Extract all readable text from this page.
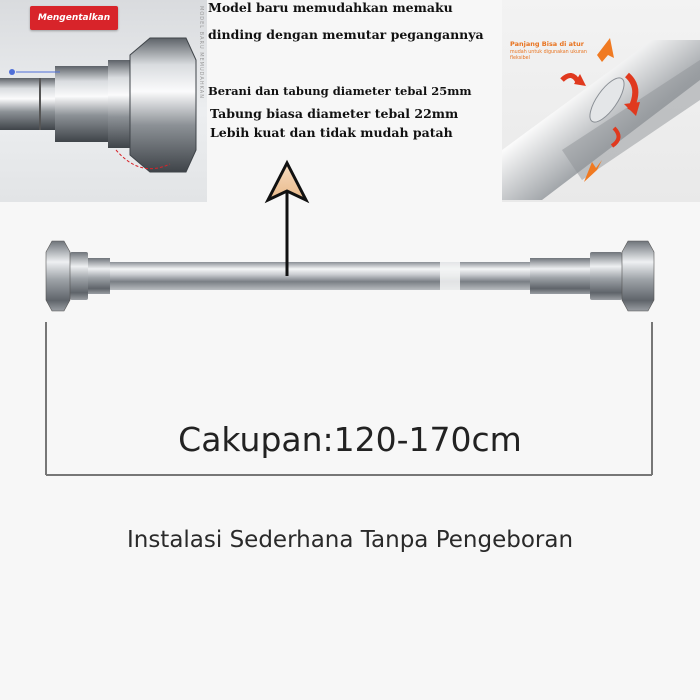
Mengentalkan	MODEL BARU MEMUDAHKAN	Panjang Bisa di atur
mudah untuk digunakan ukuran fleksibel
Model baru memudahkan memaku
dinding dengan memutar pegangannya
Berani dan tabung diameter tebal 25mm
Tabung biasa diameter tebal 22mm
Lebih kuat dan tidak mudah patah
Cakupan:120-170cm
Instalasi Sederhana Tanpa Pengeboran
